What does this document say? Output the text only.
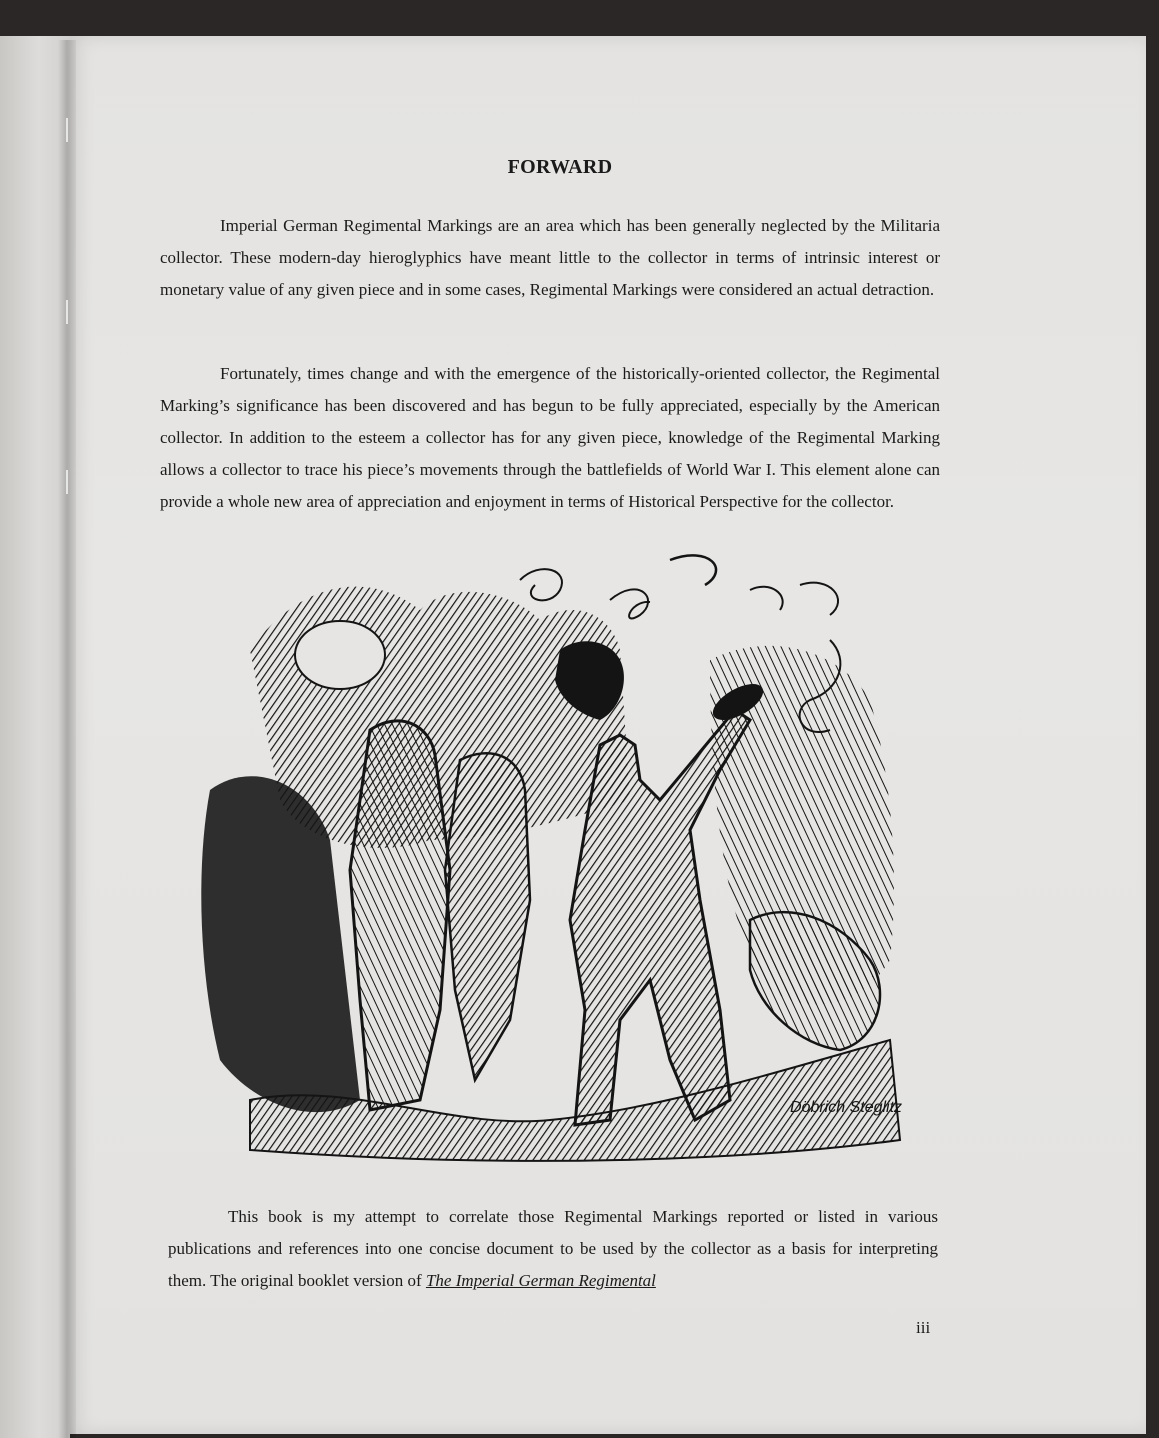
FORWARD

Imperial German Regimental Markings are an area which has been generally neglected by the Militaria collector. These modern-day hieroglyphics have meant little to the collector in terms of intrinsic interest or monetary value of any given piece and in some cases, Regimental Markings were considered an actual detraction.

Fortunately, times change and with the emergence of the historically-oriented collector, the Regimental Marking’s significance has been discovered and has begun to be fully appreciated, especially by the American collector. In addition to the esteem a collector has for any given piece, knowledge of the Regimental Marking allows a collector to trace his piece’s movements through the battlefields of World War I. This element alone can provide a whole new area of appreciation and enjoyment in terms of Historical Perspective for the collector.

Döbrich Steglitz

This book is my attempt to correlate those Regimental Markings reported or listed in various publications and references into one concise document to be used by the collector as a basis for interpreting them. The original booklet version of The Imperial German Regimental

iii
